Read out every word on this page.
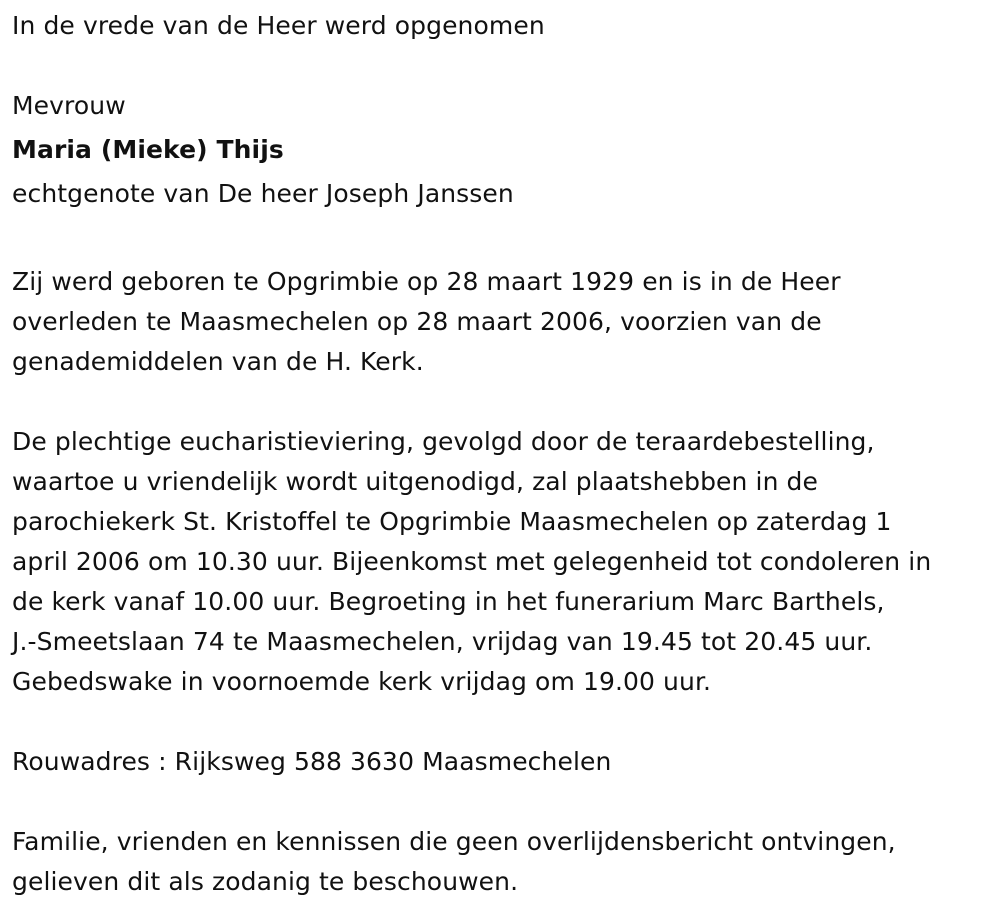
In de vrede van de Heer werd opgenomen

Mevrouw

Maria (Mieke) Thijs

echtgenote van De heer Joseph Janssen

Zij werd geboren te Opgrimbie op 28 maart 1929 en is in de Heer

overleden te Maasmechelen op 28 maart 2006, voorzien van de

genademiddelen van de H. Kerk.

De plechtige eucharistieviering, gevolgd door de teraardebestelling,

waartoe u vriendelijk wordt uitgenodigd, zal plaatshebben in de

parochiekerk St. Kristoffel te Opgrimbie Maasmechelen op zaterdag 1

april 2006 om 10.30 uur. Bijeenkomst met gelegenheid tot condoleren in

de kerk vanaf 10.00 uur. Begroeting in het funerarium Marc Barthels,

J.-Smeetslaan 74 te Maasmechelen, vrijdag van 19.45 tot 20.45 uur.

Gebedswake in voornoemde kerk vrijdag om 19.00 uur.

Rouwadres : Rijksweg 588 3630 Maasmechelen

Familie, vrienden en kennissen die geen overlijdensbericht ontvingen,

gelieven dit als zodanig te beschouwen.
